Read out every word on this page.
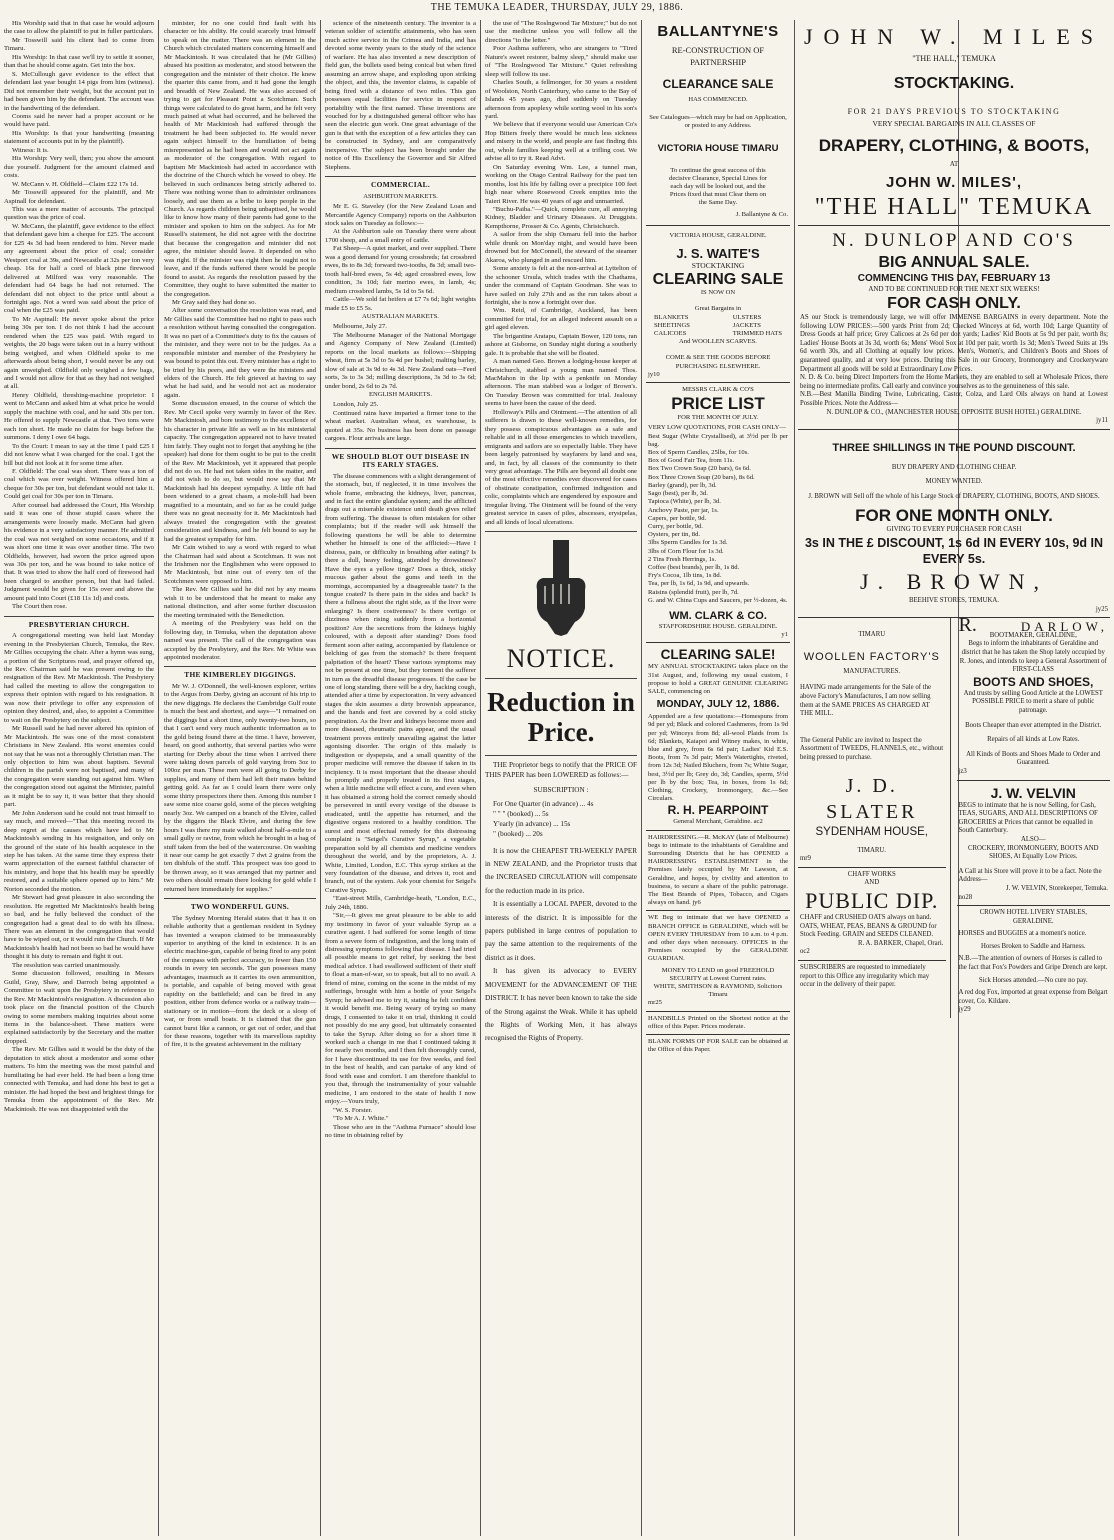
THE TEMUKA LEADER, THURSDAY, JULY 29, 1886.

His Worship said that in that case he would adjourn the case to allow the plaintiff to put in fuller particulars.

Mr Tosswill said his client had to come from Timaru.

His Worship: In that case we'll try to settle it sooner, than that he should come again. Get into the box.

S. McCullough gave evidence to the effect that defendant last year bought 14 pigs from him (witness). Did not remember their weight, but the account put in had been given him by the defendant. The account was in the handwriting of the defendant.

Cooms said he never had a proper account or he would have paid.

His Worship: Is that your handwriting (meaning statement of accounts put in by the plaintiff).

Witness: It is.

His Worship: Very well, then; you show the amount due yourself. Judgment for the amount claimed and costs.

W. McCann v. H. Oldfield—Claim £22 17s 1d.

Mr Tosswill appeared for the plaintiff, and Mr Aspinall for defendant.

This was a mere matter of accounts. The principal question was the price of coal.

W. McCann, the plaintiff, gave evidence to the effect that defendant gave him a cheque for £25. The account for £25 4s 3d had been rendered to him. Never made any agreement about the price of coal; consider Westport coal at 39s, and Newcastle at 32s per ton very cheap. 16s for half a cord of black pine firewood delivered at Milford was very reasonable. The defendant had 64 bags he had not returned. The defendant did not object to the price until about a fortnight ago. Not a word was said about the price of coal when the £25 was paid.

To Mr Aspinall: He never spoke about the price being 30s per ton. I do not think I had the account rendered when the £25 was paid. With regard to weights, the 20 bags were taken out in a hurry without being weighed, and when Oldfield spoke to me afterwards about being short, I would never be any out again unweighed. Oldfield only weighed a few bags, and I would not allow for that as they had not weighed at all.

Henry Oldfield, threshing-machine proprietor: I went to McCann and asked him at what price he would supply the machine with coal, and he said 30s per ton. He offered to supply Newcastle at that. Two tons were each ton short. He made no claim for bags before the summons. I deny I owe 64 bags.

To the Court: I mean to say at the time I paid £25 I did not know what I was charged for the coal. I got the bill but did not look at it for some time after.

F. Oldfield: The coal was short. There was a ton of coal which was over weight. Witness offered him a cheque for 30s per ton, but defendant would not take it. Could get coal for 30s per ton in Timaru.

After counsel had addressed the Court, His Worship said it was one of those stupid cases where the arrangements were loosely made. McCann had given his evidence in a very satisfactory manner. He admitted the coal was not weighed on some occasions, and if it was short one time it was over another time. The two Oldfields, however, had sworn the price agreed upon was 30s per ton, and he was bound to take notice of that. It was tried to show the half cord of firewood had been charged to another person, but that had failed. Judgment would be given for 15s over and above the amount paid into Court (£18 11s 1d) and costs.

The Court then rose.

PRESBYTERIAN CHURCH.

A congregational meeting was held last Monday evening in the Presbyterian Church, Temuka, the Rev. Mr Gillies occupying the chair. After a hymn was sung, a portion of the Scriptures read, and prayer offered up, the Rev. Chairman said he was present owing to the resignation of the Rev. Mr Mackintosh. The Presbytery had called the meeting to allow the congregation to express their opinion with regard to his resignation. It was now their privilege to offer any expression of opinion they desired, and, also, to appoint a Committee to wait on the Presbytery on the subject.

Mr Russell said he had never altered his opinion of Mr Mackintosh. He was one of the most consistent Christians in New Zealand. His worst enemies could not say that he was not a thoroughly Christian man. The only objection to him was about baptism. Several children in the parish were not baptised, and many of the congregation were standing out against him. When the congregation stood out against the Minister, painful as it might be to say it, it was better that they should part.

Mr John Anderson said he could not trust himself to say much, and moved—"That this meeting record its deep regret at the causes which have led to Mr Mackintosh's sending in his resignation, and only on the ground of the state of his health acquiesce in the step he has taken. At the same time they express their warm appreciation of the earnest faithful character of his ministry, and hope that his health may be speedily restored, and a suitable sphere opened up to him." Mr Norton seconded the motion.

Mr Stewart had great pleasure in also seconding the resolution. He regretted Mr Mackintosh's health being so bad, and he fully believed the conduct of the congregation had a great deal to do with his illness. There was an element in the congregation that would have to be wiped out, or it would ruin the Church. If Mr Mackintosh's health had not been so bad he would have thought it his duty to remain and fight it out.

The resolution was carried unanimously.

Some discussion followed, resulting in Messrs Guild, Gray, Shaw, and Darroch being appointed a Committee to wait upon the Presbytery in reference to the Rev. Mr Mackintosh's resignation. A discussion also took place on the financial position of the Church owing to some members making inquiries about some items in the balance-sheet. These matters were explained satisfactorily by the Secretary and the matter dropped.

The Rev. Mr Gillies said it would be the duty of the deputation to stick about a moderator and some other matters. To him the meeting was the most painful and humiliating he had ever held. He had been a long time connected with Temuka, and had done his best to get a minister. He had hoped the best and brightest things for Temuka from the appointment of the Rev. Mr Mackintosh. He was not disappointed with the

minister, for no one could find fault with his character or his ability. He could scarcely trust himself to speak on the matter. There was an element in the Church which circulated matters concerning himself and Mr Mackintosh. It was circulated that he (Mr Gillies) abused his position as moderator, and stood between the congregation and the minister of their choice. He knew the quarter this came from, and it had gone the length and breadth of New Zealand. He was also accused of trying to get for Pleasant Point a Scotchman. Such things were calculated to do great harm, and he felt very much pained at what had occurred, and he believed the health of Mr Mackintosh had suffered through the treatment he had been subjected to. He would never again subject himself to the humiliation of being misrepresented as he had been and would not act again as moderator of the congregation. With regard to baptism Mr Mackintosh had acted in accordance with the doctrine of the Church which he vowed to obey. He believed in such ordinances being strictly adhered to. There was nothing worse than to administer ordinances loosely, and use them as a bribe to keep people in the Church. As regards children being unbaptised, he would like to know how many of their parents had gone to the minister and spoken to him on the subject. As for Mr Russell's statement, he did not agree with the doctrine that because the congregation and minister did not agree, the minister should leave. It depended on who was right. If the minister was right then he ought not to leave, and if the funds suffered there would be people found to assist. As regards the resolution passed by the Committee, they ought to have submitted the matter to the congregation.

Mr Gray said they had done so.

After some conversation the resolution was read, and Mr Gillies said the Committee had no right to pass such a resolution without having consulted the congregation. It was no part of a Committee's duty to fix the causes of the minister, and they were not to be the judges. As a responsible minister and member of the Presbytery he was bound to point this out. Every minister has a right to be tried by his peers, and they were the ministers and elders of the Church. He felt grieved at having to say what he had said, and he would not act as moderator again.

Some discussion ensued, in the course of which the Rev. Mr Cecil spoke very warmly in favor of the Rev. Mr Mackintosh, and bore testimony to the excellence of his character in private life as well as in his ministerial capacity. The congregation appeared not to have treated him fairly. They ought not to forget that anything he (the speaker) had done for them ought to be put to the credit of the Rev. Mr Mackintosh, yet it appeared that people did not do so. He had not taken sides in the matter, and did not wish to do so, but would now say that Mr Mackintosh had his deepest sympathy. A little rift had been widened to a great chasm, a mole-hill had been magnified to a mountain, and so far as he could judge there was no great necessity for it. Mr Mackintosh had always treated the congregation with the greatest consideration and kindness, and he felt bound to say he had the greatest sympathy for him.

Mr Cain wished to say a word with regard to what the Chairman had said about a Scotchman. It was not the Irishmen nor the Englishmen who were opposed to Mr Mackintosh, but nine out of every ten of the Scotchmen were opposed to him.

The Rev. Mr Gillies said he did not by any means wish it to be understood that he meant to make any national distinction, and after some further discussion the meeting terminated with the Benediction.

A meeting of the Presbytery was held on the following day, in Temuka, when the deputation above named was present. The call of the congregation was accepted by the Presbytery, and the Rev. Mr White was appointed moderator.

THE KIMBERLEY DIGGINGS.

Mr W. J. O'Donnell, the well-known explorer, writes to the Argus from Derby, giving an account of his trip to the new diggings. He declares the Cambridge Gulf route is much the best and shortest, and says—"I remained on the diggings but a short time, only twenty-two hours, so that I can't send very much authentic information as to the gold being found there at the time. I have, however, heard, on good authority, that several parties who were starting for Derby about the time when I arrived there were taking down parcels of gold varying from 3oz to 100oz per man. These men were all going to Derby for supplies, and many of them had left their mates behind getting gold. As far as I could learn there were only some thirty prospectors there then. Among this number I saw some nice coarse gold, some of the pieces weighing nearly 3oz. We camped on a branch of the Elvire, called by the diggers the Black Elvire, and during the few hours I was there my mate walked about half-a-mile to a small gully or ravine, from which he brought in a bag of stuff taken from the bed of the watercourse. On washing it near our camp he got exactly 7 dwt 2 grains from the ten dishfuls of the stuff. This prospect was too good to be thrown away, so it was arranged that my partner and two others should remain there looking for gold while I returned here immediately for supplies."

TWO WONDERFUL GUNS.

The Sydney Morning Herald states that it has it on reliable authority that a gentleman resident in Sydney has invented a weapon claimed to be immeasurably superior to anything of the kind in existence. It is an electric machine-gun, capable of being fired to any point of the compass with perfect accuracy, to fewer than 150 rounds in every ten seconds. The gun possesses many advantages, inasmuch as it carries its own ammunition, is portable, and capable of being moved with great rapidity on the battlefield; and can be fired in any position, either from defence works or a railway train—stationary or in motion—from the deck or a sloop of war, or from small boats. It is claimed that the gun cannot burst like a cannon, or get out of order, and that for these reasons, together with its marvellous rapidity of fire, it is the greatest achievement in the military

science of the nineteenth century. The inventor is a veteran soldier of scientific attainments, who has seen much active service in the Crimea and India, and has devoted some twenty years to the study of the science of warfare. He has also invented a new description of field gun, the bullets used being conical but when fired assuming an arrow shape, and exploding upon striking the object, and this, the inventor claims, is capable of being fired with a distance of two miles. This gun possesses equal facilities for service in respect of portability with the first named. These inventions are vouched for by a distinguished general officer who has seen the electric gun work. One great advantage of the gun is that with the exception of a few articles they can be constructed in Sydney, and are comparatively inexpensive. The subject has been brought under the notice of His Excellency the Governor and Sir Alfred Stephens.

COMMERCIAL.

ASHBURTON MARKETS.

Mr E. G. Staveley (for the New Zealand Loan and Mercantile Agency Company) reports on the Ashburton stock sales on Tuesday as follows:—

At the Ashburton sale on Tuesday there were about 1700 sheep, and a small entry of cattle.

Fat Sheep—A quiet market, and over supplied. There was a good demand for young crossbreds; fat crossbred ewes, 8s to 8s 3d; forward two-tooths, 8s 3d; small two-tooth half-bred ewes, 5s 4d; aged crossbred ewes, low condition, 3s 10d; fair merino ewes, in lamb, 4s; medium crossbred lambs, 5s 1d to 5s 6d.

Cattle—We sold fat heifers at £7 7s 6d; light weights made £5 to £5 5s.

AUSTRALIAN MARKETS.

Melbourne, July 27.

The Melbourne Manager of the National Mortgage and Agency Company of New Zealand (Limited) reports on the local markets as follows:—Shipping wheat, firm at 5s 3d to 5s 4d per bushel; malting barley, slow of sale at 3s 9d to 4s 3d. New Zealand oats—Feed sorts, 3s to 3s 3d; milling descriptions, 3s 3d to 3s 6d; under bond, 2s 6d to 2s 7d.

ENGLISH MARKETS.

London, July 25.

Continued rains have imparted a firmer tone to the wheat market. Australian wheat, ex warehouse, is quoted at 35s. No business has been done on passage cargoes. Flour arrivals are large.

WE SHOULD BLOT OUT DISEASE IN ITS EARLY STAGES.

The disease commences with a slight derangement of the stomach, but, if neglected, it in time involves the whole frame, embracing the kidneys, liver, pancreas, and in fact the entire glandular system; and the afflicted drags out a miserable existence until death gives relief from suffering. The disease is often mistaken for other complaints; but if the reader will ask himself the following questions he will be able to determine whether he himself is one of the afflicted:—Have I distress, pain, or difficulty in breathing after eating? Is there a dull, heavy feeling, attended by drowsiness? Have the eyes a yellow tinge? Does a thick, sticky mucous gather about the gums and teeth in the mornings, accompanied by a disagreeable taste? Is the tongue coated? Is there pain in the sides and back? Is there a fullness about the right side, as if the liver were enlarging? Is there costiveness? Is there vertigo or dizziness when rising suddenly from a horizontal position? Are the secretions from the kidneys highly coloured, with a deposit after standing? Does food ferment soon after eating, accompanied by flatulence or belching of gas from the stomach? Is there frequent palpitation of the heart? These various symptoms may not be present at one time, but they torment the sufferer in turn as the dreadful disease progresses. If the case be one of long standing, there will be a dry, hacking cough, attended after a time by expectoration. In very advanced stages the skin assumes a dirty brownish appearance, and the hands and feet are covered by a cold sticky perspiration. As the liver and kidneys become more and more diseased, rheumatic pains appear, and the usual treatment proves entirely unavailing against the latter agonising disorder. The origin of this malady is indigestion or dyspepsia, and a small quantity of the proper medicine will remove the disease if taken in its incipiency. It is most important that the disease should be promptly and properly treated in its first stages, when a little medicine will effect a cure, and even when it has obtained a strong hold the correct remedy should be persevered in until every vestige of the disease is eradicated, until the appetite has returned, and the digestive organs restored to a healthy condition. The surest and most effectual remedy for this distressing complaint is "Seigel's Curative Syrup," a vegetable preparation sold by all chemists and medicine vendors throughout the world, and by the proprietors, A. J. White, Limited, London, E.C. This syrup strikes at the very foundation of the disease, and drives it, root and branch, out of the system. Ask your chemist for Seigel's Curative Syrup.

"East-street Mills, Cambridge-heath, "London, E.C., July 24th, 1886.

"Sir,—It gives me great pleasure to be able to add my testimony in favor of your valuable Syrup as a curative agent. I had suffered for some length of time from a severe form of indigestion, and the long train of distressing symptoms following that disease. I had tried all possible means to get relief, by seeking the best medical advice. I had swallowed sufficient of their stuff to float a man-of-war, so to speak, but all to no avail. A friend of mine, coming on the scene in the midst of my sufferings, brought with him a bottle of your Seigel's Syrup; he advised me to try it, stating he felt confident it would benefit me. Being weary of trying so many drugs, I consented to take it on trial, thinking it could not possibly do me any good, but ultimately consented to take the Syrup. After doing so for a short time it worked such a change in me that I continued taking it for nearly two months, and I then felt thoroughly cured, for I have discontinued its use for five weeks, and feel in the best of health, and can partake of any kind of food with ease and comfort. I am therefore thankful to you that, through the instrumentality of your valuable medicine, I am restored to the state of health I now enjoy.—Yours truly,

"W. S. Forster.

"To Mr A. J. White."

Those who are in the "Asthma Furnace" should lose no time in obtaining relief by

the use of "The Roslngwood Tar Mixture;" but do not use the medicine unless you will follow all the directions "to the letter."

Poor Asthma sufferers, who are strangers to "Tired Nature's sweet restorer, balmy sleep," should make use of "The Roslngwood Tar Mixture." Quiet refreshing sleep will follow its use.

Charles South, a fellmonger, for 30 years a resident of Woolston, North Canterbury, who came to the Bay of Islands 45 years ago, died suddenly on Tuesday afternoon from apoplexy while sorting wool in his son's yard.

We believe that if everyone would use American Co's Hop Bitters freely there would be much less sickness and misery in the world, and people are fast finding this out, whole families keeping well at a trifling cost. We advise all to try it. Read Advt.

On Saturday evening Wm. Lee, a tunnel man, working on the Otago Central Railway for the past ten months, lost his life by falling over a precipice 100 feet high near where Rosewood Creek empties into the Taieri River. He was 40 years of age and unmarried.

"Buchu-Paiba."—Quick, complete cure, all annoying Kidney, Bladder and Urinary Diseases. At Druggists. Kempthorne, Prosser & Co. Agents, Christchurch.

A sailor from the ship Osmaru fell into the harbor while drunk on Mon'day night, and would have been drowned but for McConnell, the steward of the steamer Akaroa, who plunged in and rescued him.

Some anxiety is felt at the non-arrival at Lyttelton of the schooner Ursula, which trades with the Chathams, under the command of Captain Goodman. She was to have sailed on July 27th and as the run takes about a fortnight, she is now a fortnight over due.

Wm. Reid, of Cambridge, Auckland, has been committed for trial, for an alleged indecent assault on a girl aged eleven.

The brigantine Aratapu, Captain Bower, 120 tons, ran ashore at Gisborne, on Sunday night during a southerly gale. It is probable that she will be floated.

A man named Geo. Brown a lodging-house keeper at Christchurch, stabbed a young man named Thos. MacMahon in the lip with a penknife on Monday afternoon. The man stabbed was a lodger of Brown's. On Tuesday Brown was committed for trial. Jealousy seems to have been the cause of the deed.

Holloway's Pills and Ointment.—The attention of all sufferers is drawn to these well-known remedies, for they possess conspicuous advantages as a safe and reliable aid in all those emergencies to which travellers, emigrants and sailors are so especially liable. They have been largely patronised by wayfarers by land and sea, and, in fact, by all classes of the community to their very great advantage. The Pills are beyond all doubt one of the most effective remedies ever discovered for cases of obstinate constipation, confirmed indigestion and colic, complaints which are engendered by exposure and irregular living. The Ointment will be found of the very greatest service in cases of piles, abscesses, erysipelas, and all kinds of local ulcerations.

NOTICE.
Reduction in Price.

THE Proprietor begs to notify that the PRICE OF THIS PAPER has been LOWERED as follows:—

SUBSCRIPTION :

For One Quarter (in advance) ... 4s

" " " (booked) ... 5s

Y'early (in advance) ... 15s

" (booked) ... 20s

It is now the CHEAPEST TRI-WEEKLY PAPER in NEW ZEALAND, and the Proprietor trusts that the INCREASED CIRCULATION will compensate for the reduction made in its price.

It is essentially a LOCAL PAPER, devoted to the interests of the district. It is impossible for the papers published in large centres of population to pay the same attention to the requirements of the district as it does.

It has given its advocacy to EVERY MOVEMENT for the ADVANCEMENT OF THE DISTRICT. It has never been known to take the side of the Strong against the Weak. While it has upheld the Rights of Working Men, it has always recognised the Rights of Property.

BALLANTYNE'S

RE-CONSTRUCTION OF PARTNERSHIP

CLEARANCE SALE

HAS COMMENCED.

See Catalogues—which may be had on Application, or posted to any Address.

VICTORIA HOUSE TIMARU

To continue the great success of this decisive Clearance, Special Lines for each day will be looked out, and the Prices fixed that must Clear them on the Same Day.

J. Ballantyne & Co.

VICTORIA HOUSE, GERALDINE.

J. S. WAITE'S

STOCKTAKING

CLEARING SALE

IS NOW ON

Great Bargains in

BLANKETS

SHEETINGS

CALICOES

ULSTERS

JACKETS

TRIMMED HATS

And WOOLLEN SCARVES.

COME & SEE THE GOODS BEFORE PURCHASING ELSEWHERE.

jy10

MESSRS CLARK & CO'S

PRICE LIST

FOR THE MONTH OF JULY.

VERY LOW QUOTATIONS, FOR CASH ONLY—

Best Sugar (White Crystallised), at 3½d per lb per bag.

Box of Sperm Candles, 25lbs, for 10s.

Box of Good Fair Tea, from 11s.

Box Two Crown Soap (20 bars), 6s 6d.

Box Three Crown Soap (20 bars), 8s 6d.

Barley (grand), per lb, 3d.

Sago (best), per lb, 3d.

Tapioca (White), per lb, 3d.

Anchovy Paste, per jar, 1s.

Capers, per bottle, 9d.

Curry, per bottle, 9d.

Oysters, per tin, 8d.

3lbs Sperm Candles for 1s 3d.

3lbs of Corn Flour for 1s 3d.

2 Tins Fresh Herrings, 1s.

Coffee (best brands), per lb, 1s 8d.

Fry's Cocoa, 1lb tins, 1s 8d.

Tea, per lb, 1s 6d, 1s 9d, and upwards.

Raisins (splendid fruit), per lb, 7d.

G. and W. China Cups and Saucers, per ½-dozen, 4s.

WM. CLARK & CO.

STAFFORDSHIRE HOUSE. GERALDINE.

y1

CLEARING SALE!

MY ANNUAL STOCKTAKING takes place on the 31st August, and, following my usual custom, I propose to hold a GREAT GENUINE CLEARING SALE, commencing on

MONDAY, JULY 12, 1886.

Appended are a few quotations:—Homespuns from 9d per yd; Black and colored Cashmeres, from 1s 9d per yd; Winceys from 8d; all-wool Plaids from 1s 6d; Blankets, Kaiapoi and Witney makes, in white, blue and grey, from 6s 6d pair; Ladies' Kid E.S. Boots, from 7s 3d pair; Men's Watertights, riveted, from 12s 3d; Nailed Bluchers, from 7s; White Sugar, best, 3½d per lb; Grey do, 3d; Candles, sperm, 5½d per lb by the box; Tea, in boxes, from 1s 6d; Clothing, Crockery, Ironmongery, &c.—See Circulars.

R. H. PEARPOINT

General Merchant, Geraldine. ac2

HAIRDRESSING.—R. McKAY (late of Melbourne) begs to intimate to the inhabitants of Geraldine and Surrounding Districts that he has OPENED a HAIRDRESSING ESTABLISHMENT in the Premises lately occupied by Mr Lawson, at Geraldine, and hopes, by civility and attention to business, to secure a share of the public patronage. The Best Brands of Pipes, Tobacco, and Cigars always on hand. jy6

WE Beg to intimate that we have OPENED a BRANCH OFFICE in GERALDINE, which will be OPEN EVERY THURSDAY from 10 a.m. to 4 p.m. and other days when necessary. OFFICES in the Premises occupied by the GERALDINE GUARDIAN.

MONEY TO LEND on good FREEHOLD SECURITY at Lowest Current rates.

WHITE, SMITHSON & RAYMOND, Solicitors Timaru

mr25

HANDBILLS Printed on the Shortest notice at the office of this Paper. Prices moderate.

BLANK FORMS OF FOR SALE can be obtained at the Office of this Paper.

JOHN W. MILES

"THE HALL," TEMUKA

STOCKTAKING.

FOR 21 DAYS PREVIOUS TO STOCKTAKING

VERY SPECIAL BARGAINS IN ALL CLASSES OF

DRAPERY, CLOTHING, & BOOTS,

AT

JOHN W. MILES',
"THE HALL" TEMUKA
N. DUNLOP AND CO'S
BIG ANNUAL SALE.
COMMENCING THIS DAY, FEBRUARY 13

AND TO BE CONTINUED FOR THE NEXT SIX WEEKS!

FOR CASH ONLY.

AS our Stock is tremendously large, we will offer IMMENSE BARGAINS in every department. Note the following LOW PRICES:—500 yards Print from 2d; Checked Winceys at 6d, worth 10d; Large Quantity of Dress Goods at half price; Grey Calicoes at 2s 6d per doz yards; Ladies' Kid Boots at 5s 9d per pair, worth 8s; Ladies' House Boots at 3s 3d, worth 6s; Mens' Wool Sox at 10d per pair, worth 1s 3d; Men's Tweed Suits at 19s 6d worth 30s, and all Clothing at equally low prices. Men's, Women's, and Children's Boots and Shoes of guaranteed quality, and at very low prices. During this Sale in our Grocery, Ironmongery and Crockeryware Department all goods will be sold at Extraordinary Low Prices.

N. D. & Co. being Direct Importers from the Home Markets, they are enabled to sell at Wholesale Prices, there being no intermediate profits. Call early and convince yourselves as to the genuineness of this sale.

N.B.—Best Manilla Binding Twine, Lubricating, Castor, Colza, and Lard Oils always on hand at Lowest Possible Prices. Note the Address—

N. DUNLOP & CO., (MANCHESTER HOUSE, OPPOSITE BUSH HOTEL) GERALDINE.

jy11

THREE SHILLINGS IN THE POUND DISCOUNT.

BUY DRAPERY AND CLOTHING CHEAP.

MONEY WANTED.

J. BROWN will Sell off the whole of his Large Stock of DRAPERY, CLOTHING, BOOTS, AND SHOES.

FOR ONE MONTH ONLY.

GIVING TO EVERY PURCHASER FOR CASH

3s IN THE £ DISCOUNT, 1s 6d IN EVERY 10s, 9d IN EVERY 5s.
J. BROWN,

BEEHIVE STORES, TEMUKA.

jy25

TIMARU

WOOLLEN FACTORY'S

MANUFACTURES.

HAVING made arrangements for the Sale of the above Factory's Manufactures, I am now selling them at the SAME PRICES AS CHARGED AT THE MILL.

The General Public are invited to Inspect the Assortment of TWEEDS, FLANNELS, etc., without being pressed to purchase.

J. D. SLATER
SYDENHAM HOUSE,

TIMARU.

mr9

CHAFF WORKS

AND

PUBLIC DIP.

CHAFF and CRUSHED OATS always on hand. OATS, WHEAT, PEAS, BEANS & GROUND for Stock Feeding. GRAIN and SEEDS CLEANED.

R. A. BARKER, Chapel, Orari.

oc2

SUBSCRIBERS are requested to immediately report to this Office any irregularity which may occur in the delivery of their paper.

R.	DARLOW,

BOOTMAKER, GERALDINE,

Begs to inform the inhabitants of Geraldine and district that he has taken the Shop lately occupied by R. Jones, and intends to keep a General Assortment of FIRST-CLASS

BOOTS AND SHOES,

And trusts by selling Good Article at the LOWEST POSSIBLE PRICE to merit a share of public patronage.

Boots Cheaper than ever attempted in the District.

Repairs of all kinds at Low Rates.

All Kinds of Boots and Shoes Made to Order and Guaranteed.

jz3

J. W. VELVIN

BEGS to intimate that he is now Selling, for Cash, TEAS, SUGARS, AND ALL DESCRIPTIONS OF GROCERIES at Prices that cannot be equalled in South Canterbury.

ALSO—

CROCKERY, IRONMONGERY, BOOTS AND SHOES, At Equally Low Prices.

A Call at his Store will prove it to be a fact. Note the Address—

J. W. VELVIN, Storekeeper, Temuka.

no28

CROWN HOTEL LIVERY STABLES, GERALDINE.

HORSES and BUGGIES at a moment's notice.

Horses Broken to Saddle and Harness.

N.B.—The attention of owners of Horses is called to the fact that Fox's Powders and Gripe Drench are kept.

Sick Horses attended.—No cure no pay.

A red dog Fox, imported at great expense from Belgart cover, Co. Kildare.

jy29
